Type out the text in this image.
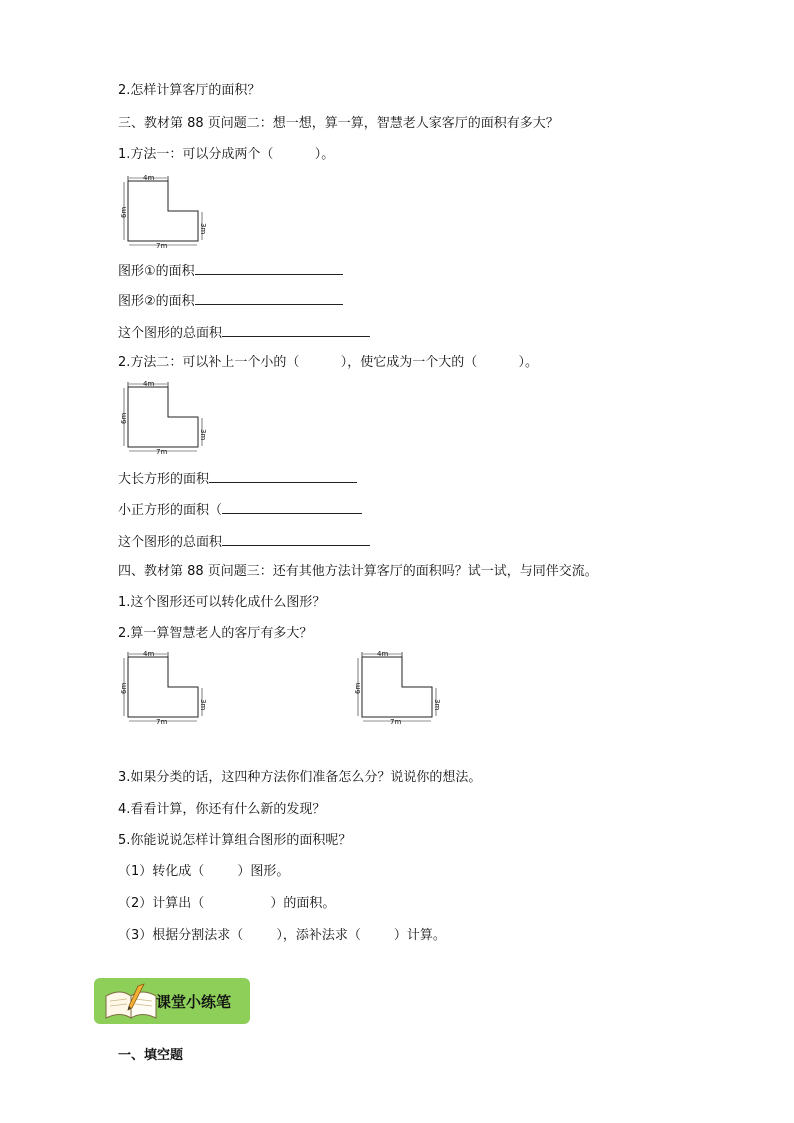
2.怎样计算客厅的面积？
三、教材第 88 页问题二：想一想，算一算，智慧老人家客厅的面积有多大？
1.方法一：可以分成两个（          ）。
4m
6m
3m
7m
图形①的面积
图形②的面积
这个图形的总面积
2.方法二：可以补上一个小的（          ），使它成为一个大的（          ）。
4m
6m
3m
7m
大长方形的面积
小正方形的面积（
这个图形的总面积
四、教材第 88 页问题三：还有其他方法计算客厅的面积吗？试一试，与同伴交流。
1.这个图形还可以转化成什么图形？
2.算一算智慧老人的客厅有多大？
4m
6m
3m
7m
4m
6m
3m
7m
3.如果分类的话，这四种方法你们准备怎么分？说说你的想法。
4.看看计算，你还有什么新的发现？
5.你能说说怎样计算组合图形的面积呢？
（1）转化成（        ）图形。
（2）计算出（                ）的面积。
（3）根据分割法求（        ），添补法求（        ）计算。
课堂小练笔
一、填空题
